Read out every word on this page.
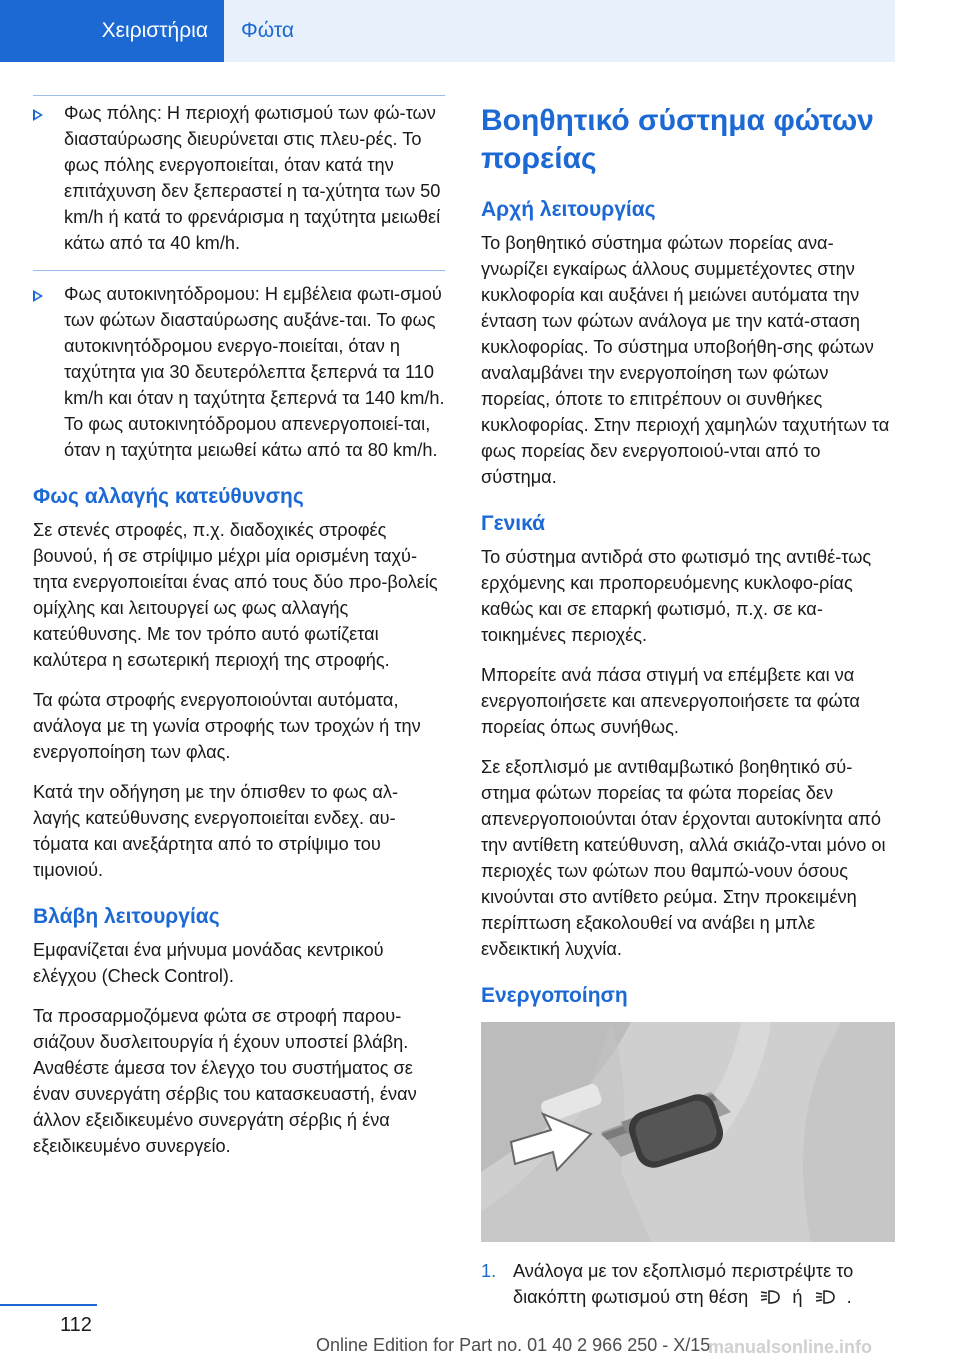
Χειριστήρια	Φώτα
Φως πόλης: Η περιοχή φωτισμού των φώ-των διασταύρωσης διευρύνεται στις πλευ-ρές. Το φως πόλης ενεργοποιείται, όταν κατά την επιτάχυνση δεν ξεπεραστεί η τα-χύτητα των 50 km/h ή κατά το φρενάρισμα η ταχύτητα μειωθεί κάτω από τα 40 km/h.
Φως αυτοκινητόδρομου: Η εμβέλεια φωτι-σμού των φώτων διασταύρωσης αυξάνε-ται. Το φως αυτοκινητόδρομου ενεργο-ποιείται, όταν η ταχύτητα για 30 δευτερόλεπτα ξεπερνά τα 110 km/h και όταν η ταχύτητα ξεπερνά τα 140 km/h. Το φως αυτοκινητόδρομου απενεργοποιεί-ται, όταν η ταχύτητα μειωθεί κάτω από τα 80 km/h.
Φως αλλαγής κατεύθυνσης

Σε στενές στροφές, π.χ. διαδοχικές στροφές βουνού, ή σε στρίψιμο μέχρι μία ορισμένη ταχύ-τητα ενεργοποιείται ένας από τους δύο προ-βολείς ομίχλης και λειτουργεί ως φως αλλαγής κατεύθυνσης. Με τον τρόπο αυτό φωτίζεται καλύτερα η εσωτερική περιοχή της στροφής.

Τα φώτα στροφής ενεργοποιούνται αυτόματα, ανάλογα με τη γωνία στροφής των τροχών ή την ενεργοποίηση των φλας.

Κατά την οδήγηση με την όπισθεν το φως αλ-λαγής κατεύθυνσης ενεργοποιείται ενδεχ. αυ-τόματα και ανεξάρτητα από το στρίψιμο του τιμονιού.

Βλάβη λειτουργίας

Εμφανίζεται ένα μήνυμα μονάδας κεντρικού ελέγχου (Check Control).

Τα προσαρμοζόμενα φώτα σε στροφή παρου-σιάζουν δυσλειτουργία ή έχουν υποστεί βλάβη. Αναθέστε άμεσα τον έλεγχο του συστήματος σε έναν συνεργάτη σέρβις του κατασκευαστή, έναν άλλον εξειδικευμένο συνεργάτη σέρβις ή ένα εξειδικευμένο συνεργείο.

Βοηθητικό σύστημα φώτων πορείας
Αρχή λειτουργίας

Το βοηθητικό σύστημα φώτων πορείας ανα-γνωρίζει εγκαίρως άλλους συμμετέχοντες στην κυκλοφορία και αυξάνει ή μειώνει αυτόματα την ένταση των φώτων ανάλογα με την κατά-σταση κυκλοφορίας. Το σύστημα υποβοήθη-σης φώτων αναλαμβάνει την ενεργοποίηση των φώτων πορείας, όποτε το επιτρέπουν οι συνθήκες κυκλοφορίας. Στην περιοχή χαμηλών ταχυτήτων τα φως πορείας δεν ενεργοποιού-νται από το σύστημα.

Γενικά

Το σύστημα αντιδρά στο φωτισμό της αντιθέ-τως ερχόμενης και προπορευόμενης κυκλοφο-ρίας καθώς και σε επαρκή φωτισμό, π.χ. σε κα-τοικημένες περιοχές.

Μπορείτε ανά πάσα στιγμή να επέμβετε και να ενεργοποιήσετε και απενεργοποιήσετε τα φώτα πορείας όπως συνήθως.

Σε εξοπλισμό με αντιθαμβωτικό βοηθητικό σύ-στημα φώτων πορείας τα φώτα πορείας δεν απενεργοποιούνται όταν έρχονται αυτοκίνητα από την αντίθετη κατεύθυνση, αλλά σκιάζο-νται μόνο οι περιοχές των φώτων που θαμπώ-νουν όσους κινούνται στο αντίθετο ρεύμα. Στην προκειμένη περίπτωση εξακολουθεί να ανάβει η μπλε ενδεικτική λυχνία.

Ενεργοποίηση
1. Ανάλογα με τον εξοπλισμό περιστρέψτε το διακόπτη φωτισμού στη θέση ή .
112
Online Edition for Part no. 01 40 2 966 250 - X/15
manualsonline.info
